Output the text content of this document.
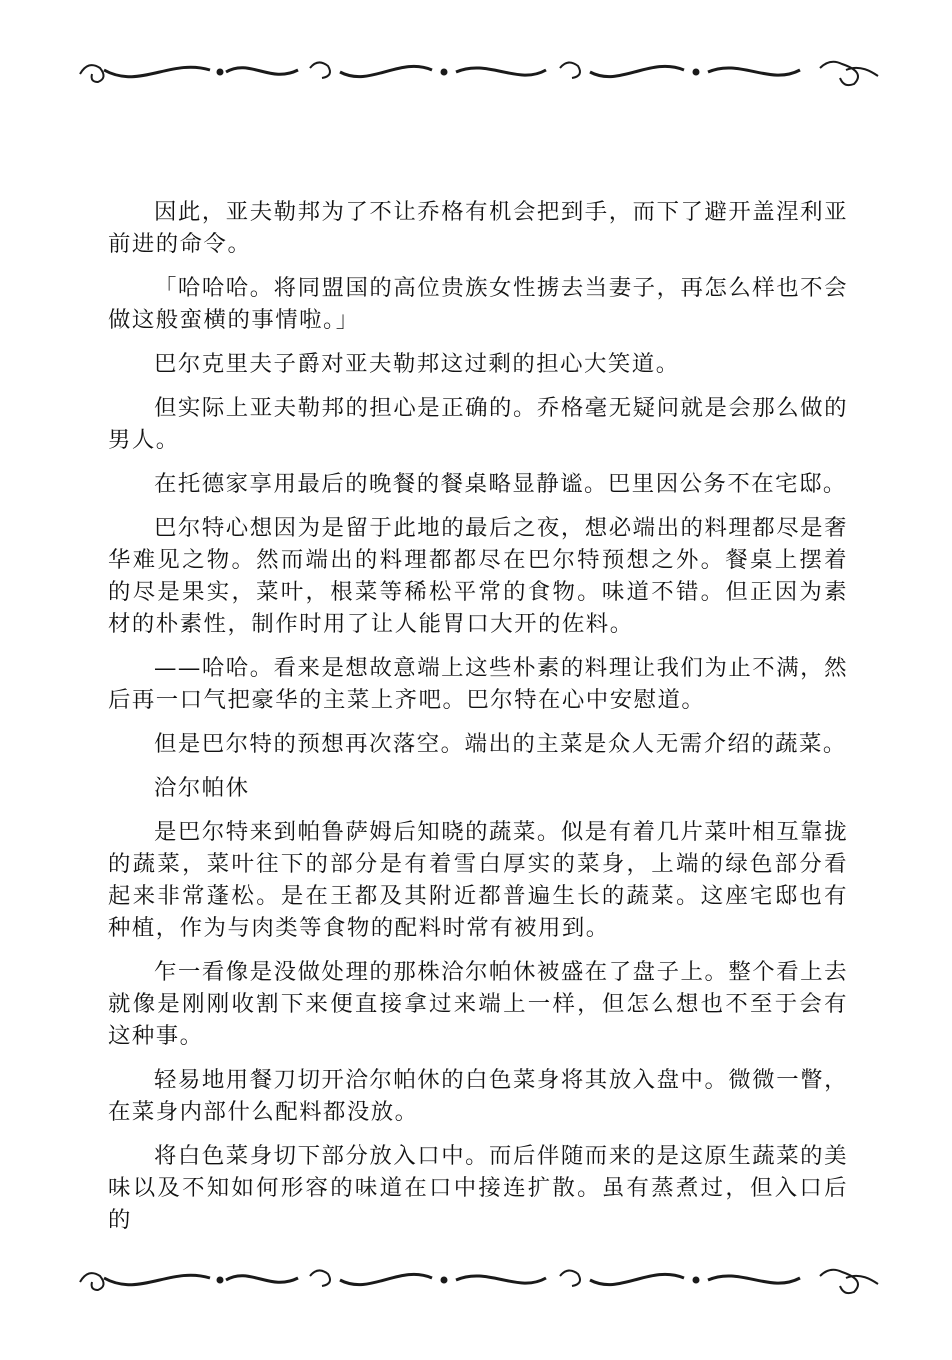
因此，亚夫勒邦为了不让乔格有机会把到手，而下了避开盖涅利亚前进的命令。

「哈哈哈。将同盟国的高位贵族女性掳去当妻子，再怎么样也不会做这般蛮横的事情啦。」

巴尔克里夫子爵对亚夫勒邦这过剩的担心大笑道。

但实际上亚夫勒邦的担心是正确的。乔格毫无疑问就是会那么做的男人。

在托德家享用最后的晚餐的餐桌略显静谧。巴里因公务不在宅邸。

巴尔特心想因为是留于此地的最后之夜，想必端出的料理都尽是奢华难见之物。然而端出的料理都都尽在巴尔特预想之外。餐桌上摆着的尽是果实，菜叶，根菜等稀松平常的食物。味道不错。但正因为素材的朴素性，制作时用了让人能胃口大开的佐料。

——哈哈。看来是想故意端上这些朴素的料理让我们为止不满，然后再一口气把豪华的主菜上齐吧。巴尔特在心中安慰道。

但是巴尔特的预想再次落空。端出的主菜是众人无需介绍的蔬菜。

洽尔帕休

是巴尔特来到帕鲁萨姆后知晓的蔬菜。似是有着几片菜叶相互靠拢的蔬菜，菜叶往下的部分是有着雪白厚实的菜身，上端的绿色部分看起来非常蓬松。是在王都及其附近都普遍生长的蔬菜。这座宅邸也有种植，作为与肉类等食物的配料时常有被用到。

乍一看像是没做处理的那株洽尔帕休被盛在了盘子上。整个看上去就像是刚刚收割下来便直接拿过来端上一样，但怎么想也不至于会有这种事。

轻易地用餐刀切开洽尔帕休的白色菜身将其放入盘中。微微一瞥，在菜身内部什么配料都没放。

将白色菜身切下部分放入口中。而后伴随而来的是这原生蔬菜的美味以及不知如何形容的味道在口中接连扩散。虽有蒸煮过，但入口后的
